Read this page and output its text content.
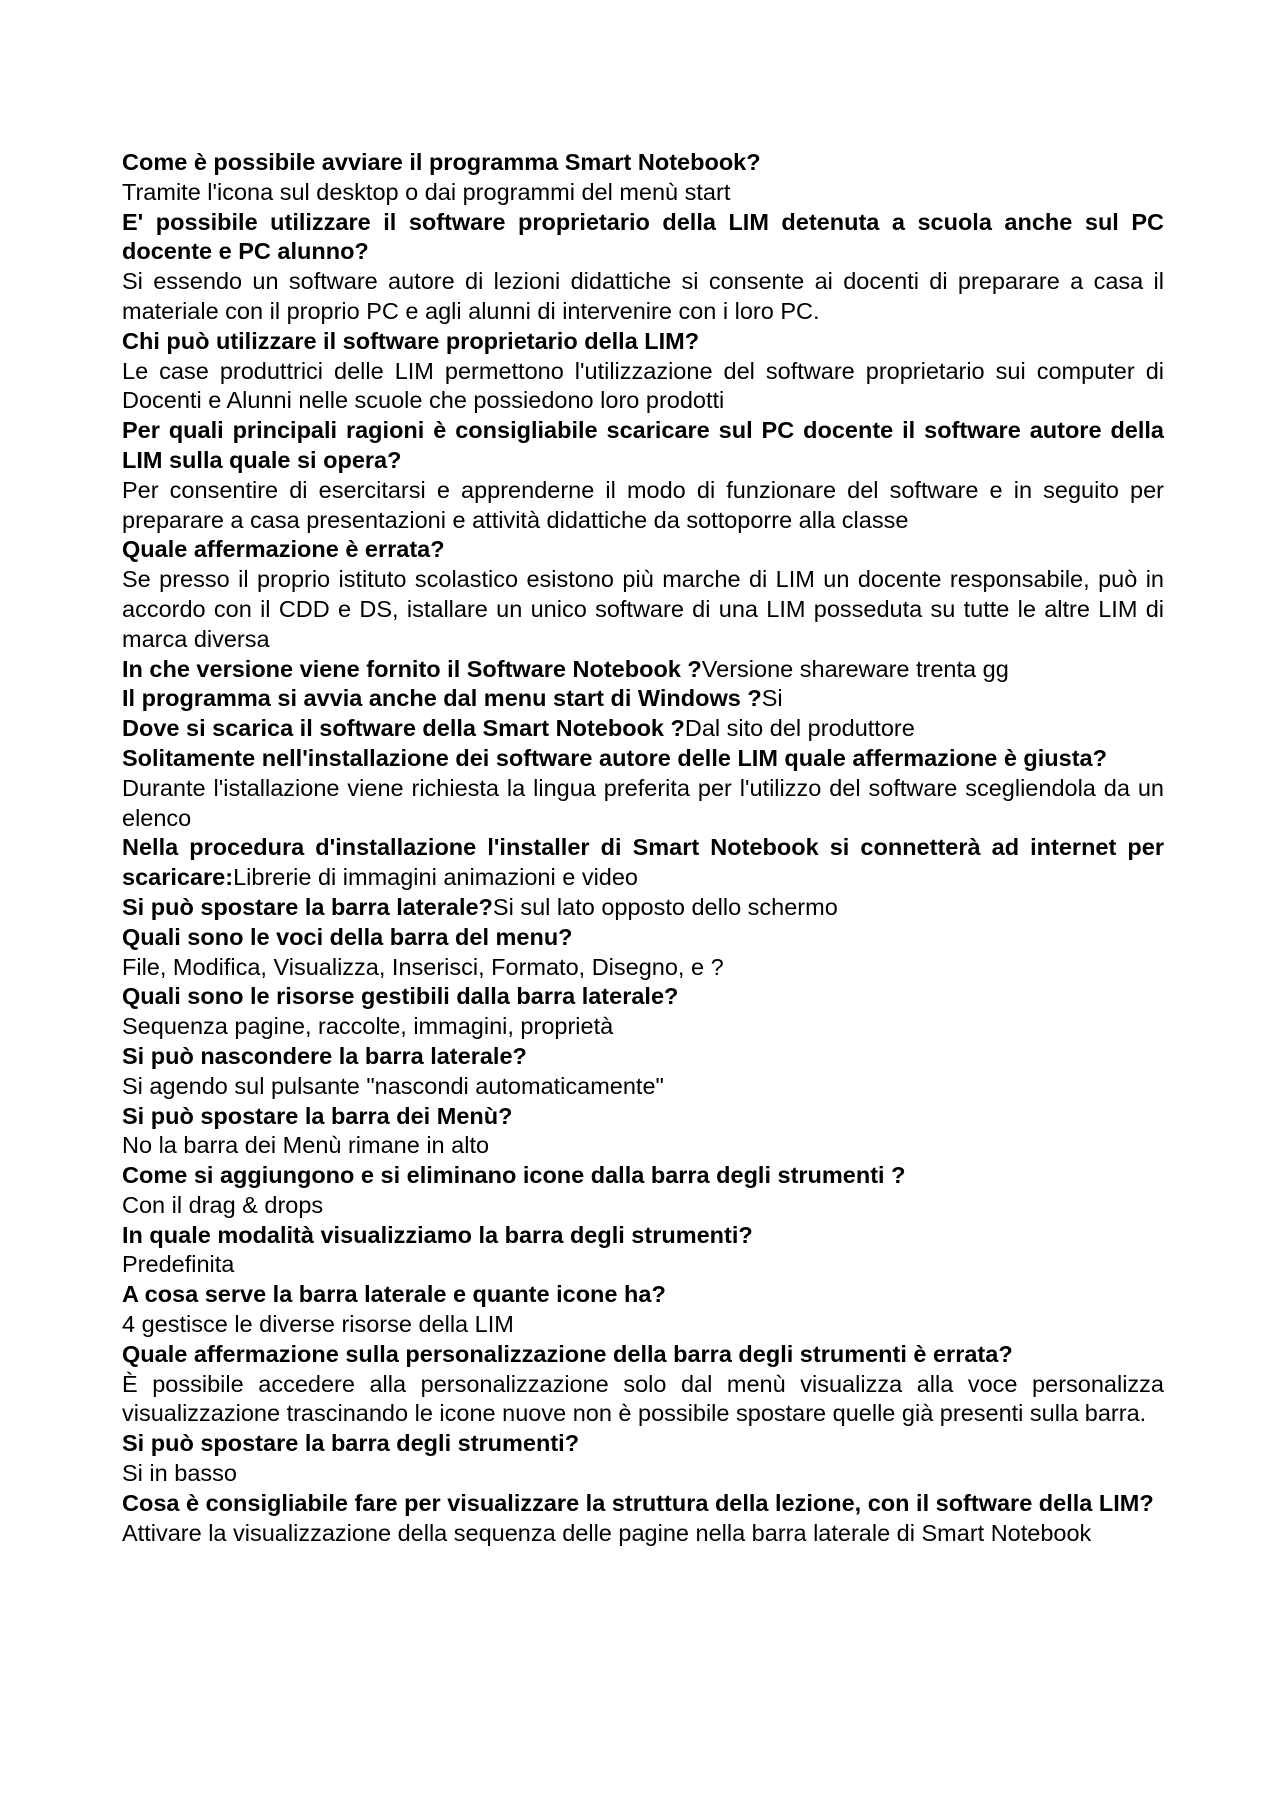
Come è possibile avviare il programma Smart Notebook?
Tramite l'icona sul desktop o dai programmi del menù start
E' possibile utilizzare il software proprietario della LIM detenuta a scuola anche sul PC docente e PC alunno?
Si essendo un software autore di lezioni didattiche si consente ai docenti di preparare a casa il materiale con il proprio PC e agli alunni di intervenire con i loro PC.
Chi può utilizzare il software proprietario della LIM?
Le case produttrici delle LIM permettono l'utilizzazione del software proprietario sui computer di Docenti e Alunni nelle scuole che possiedono loro prodotti
Per quali principali ragioni è consigliabile scaricare sul PC docente il software autore della LIM sulla quale si opera?
Per consentire di esercitarsi e apprenderne il modo di funzionare del software e in seguito per preparare a casa presentazioni e attività didattiche da sottoporre alla classe
Quale affermazione è errata?
Se presso il proprio istituto scolastico esistono più marche di LIM un docente responsabile, può in accordo con il CDD e DS, istallare un unico software di una LIM posseduta su tutte le altre LIM di marca diversa
In che versione viene fornito il Software Notebook ?Versione shareware trenta gg
Il programma si avvia anche dal menu start di Windows ?Si
Dove si scarica il software della Smart Notebook ?Dal sito del produttore
Solitamente nell'installazione dei software autore delle LIM quale affermazione è giusta?
Durante l'istallazione viene richiesta la lingua preferita per l'utilizzo del software scegliendola da un elenco
Nella procedura d'installazione l'installer di Smart Notebook si connetterà ad internet per scaricare:Librerie di immagini animazioni e video
Si può spostare la barra laterale?Si sul lato opposto dello schermo
Quali sono le voci della barra del menu?
File, Modifica, Visualizza, Inserisci, Formato, Disegno, e ?
Quali sono le risorse gestibili dalla barra laterale?
Sequenza pagine, raccolte, immagini, proprietà
Si può nascondere la barra laterale?
Si agendo sul pulsante "nascondi automaticamente"
Si può spostare la barra dei Menù?
No la barra dei Menù rimane in alto
Come si aggiungono e si eliminano icone dalla barra degli strumenti ?
Con il drag & drops
In quale modalità visualizziamo la barra degli strumenti?
Predefinita
A cosa serve la barra laterale e quante icone ha?
4 gestisce le diverse risorse della LIM
Quale affermazione sulla personalizzazione della barra degli strumenti è errata?
È possibile accedere alla personalizzazione solo dal menù visualizza alla voce personalizza visualizzazione trascinando le icone nuove non è possibile spostare quelle già presenti sulla barra.
Si può spostare la barra degli strumenti?
Si in basso
Cosa è consigliabile fare per visualizzare la struttura della lezione, con il software della LIM?
Attivare la visualizzazione della sequenza delle pagine nella barra laterale di Smart Notebook
